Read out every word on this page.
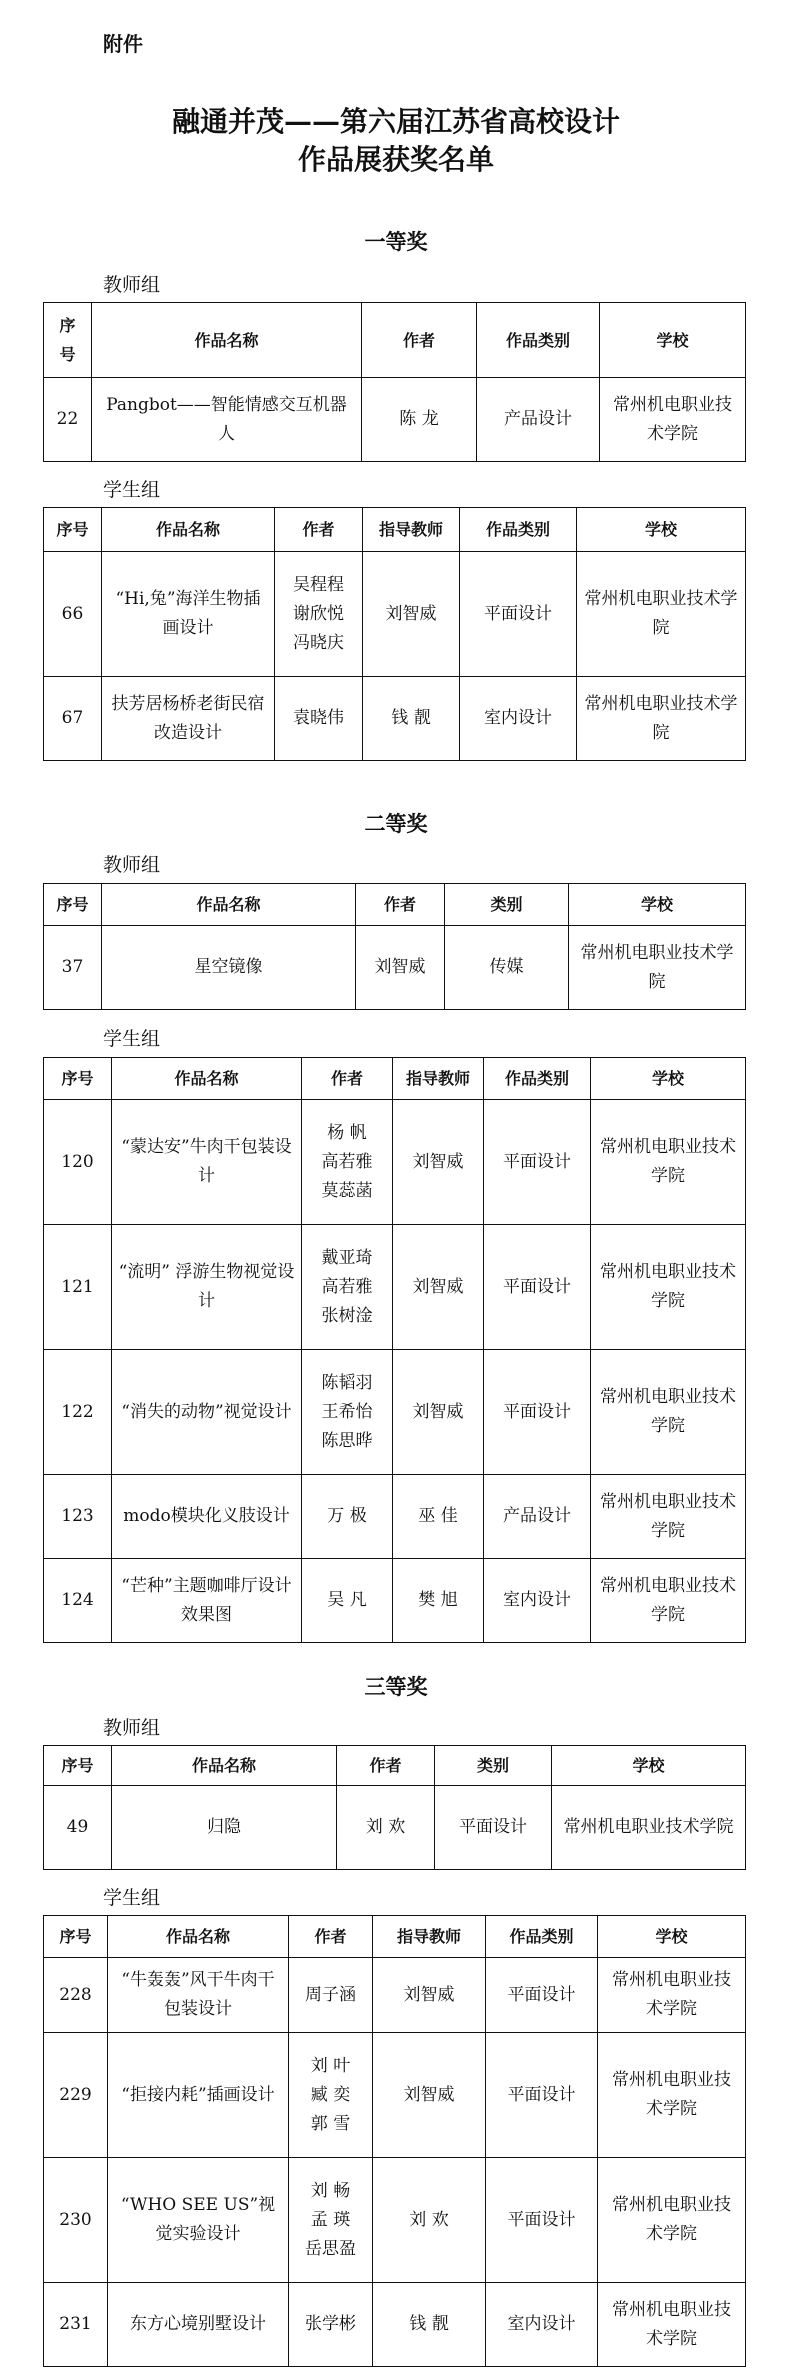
附件
融通并茂——第六届江苏省高校设计
作品展获奖名单
一等奖
教师组
序
号	作品名称	作者	作品类别	学校
22	Pangbot——智能情感交互机器人	陈 龙	产品设计	常州机电职业技术学院
学生组
序号	作品名称	作者	指导教师	作品类别	学校
66	“Hi,兔”海洋生物插画设计	吴程程
谢欣悦
冯晓庆	刘智威	平面设计	常州机电职业技术学院
67	扶芳居杨桥老街民宿改造设计	袁晓伟	钱 靓	室内设计	常州机电职业技术学院
二等奖
教师组
序号	作品名称	作者	类别	学校
37	星空镜像	刘智威	传媒	常州机电职业技术学院
学生组
序号	作品名称	作者	指导教师	作品类别	学校
120	“蒙达安”牛肉干包装设计	杨 帆
高若雅
莫蕊菡	刘智威	平面设计	常州机电职业技术学院
121	“流明” 浮游生物视觉设计	戴亚琦
高若雅
张树淦	刘智威	平面设计	常州机电职业技术学院
122	“消失的动物”视觉设计	陈韬羽
王希怡
陈思晔	刘智威	平面设计	常州机电职业技术学院
123	modo模块化义肢设计	万 极	巫 佳	产品设计	常州机电职业技术学院
124	“芒种”主题咖啡厅设计效果图	吴 凡	樊 旭	室内设计	常州机电职业技术学院
三等奖
教师组
序号	作品名称	作者	类别	学校
49	归隐	刘 欢	平面设计	常州机电职业技术学院
学生组
序号	作品名称	作者	指导教师	作品类别	学校
228	“牛轰轰”风干牛肉干包装设计	周子涵	刘智威	平面设计	常州机电职业技术学院
229	“拒接内耗”插画设计	刘 叶
臧 奕
郭 雪	刘智威	平面设计	常州机电职业技术学院
230	“WHO SEE US”视觉实验设计	刘 畅
孟 瑛
岳思盈	刘 欢	平面设计	常州机电职业技术学院
231	东方心境别墅设计	张学彬	钱 靓	室内设计	常州机电职业技术学院
